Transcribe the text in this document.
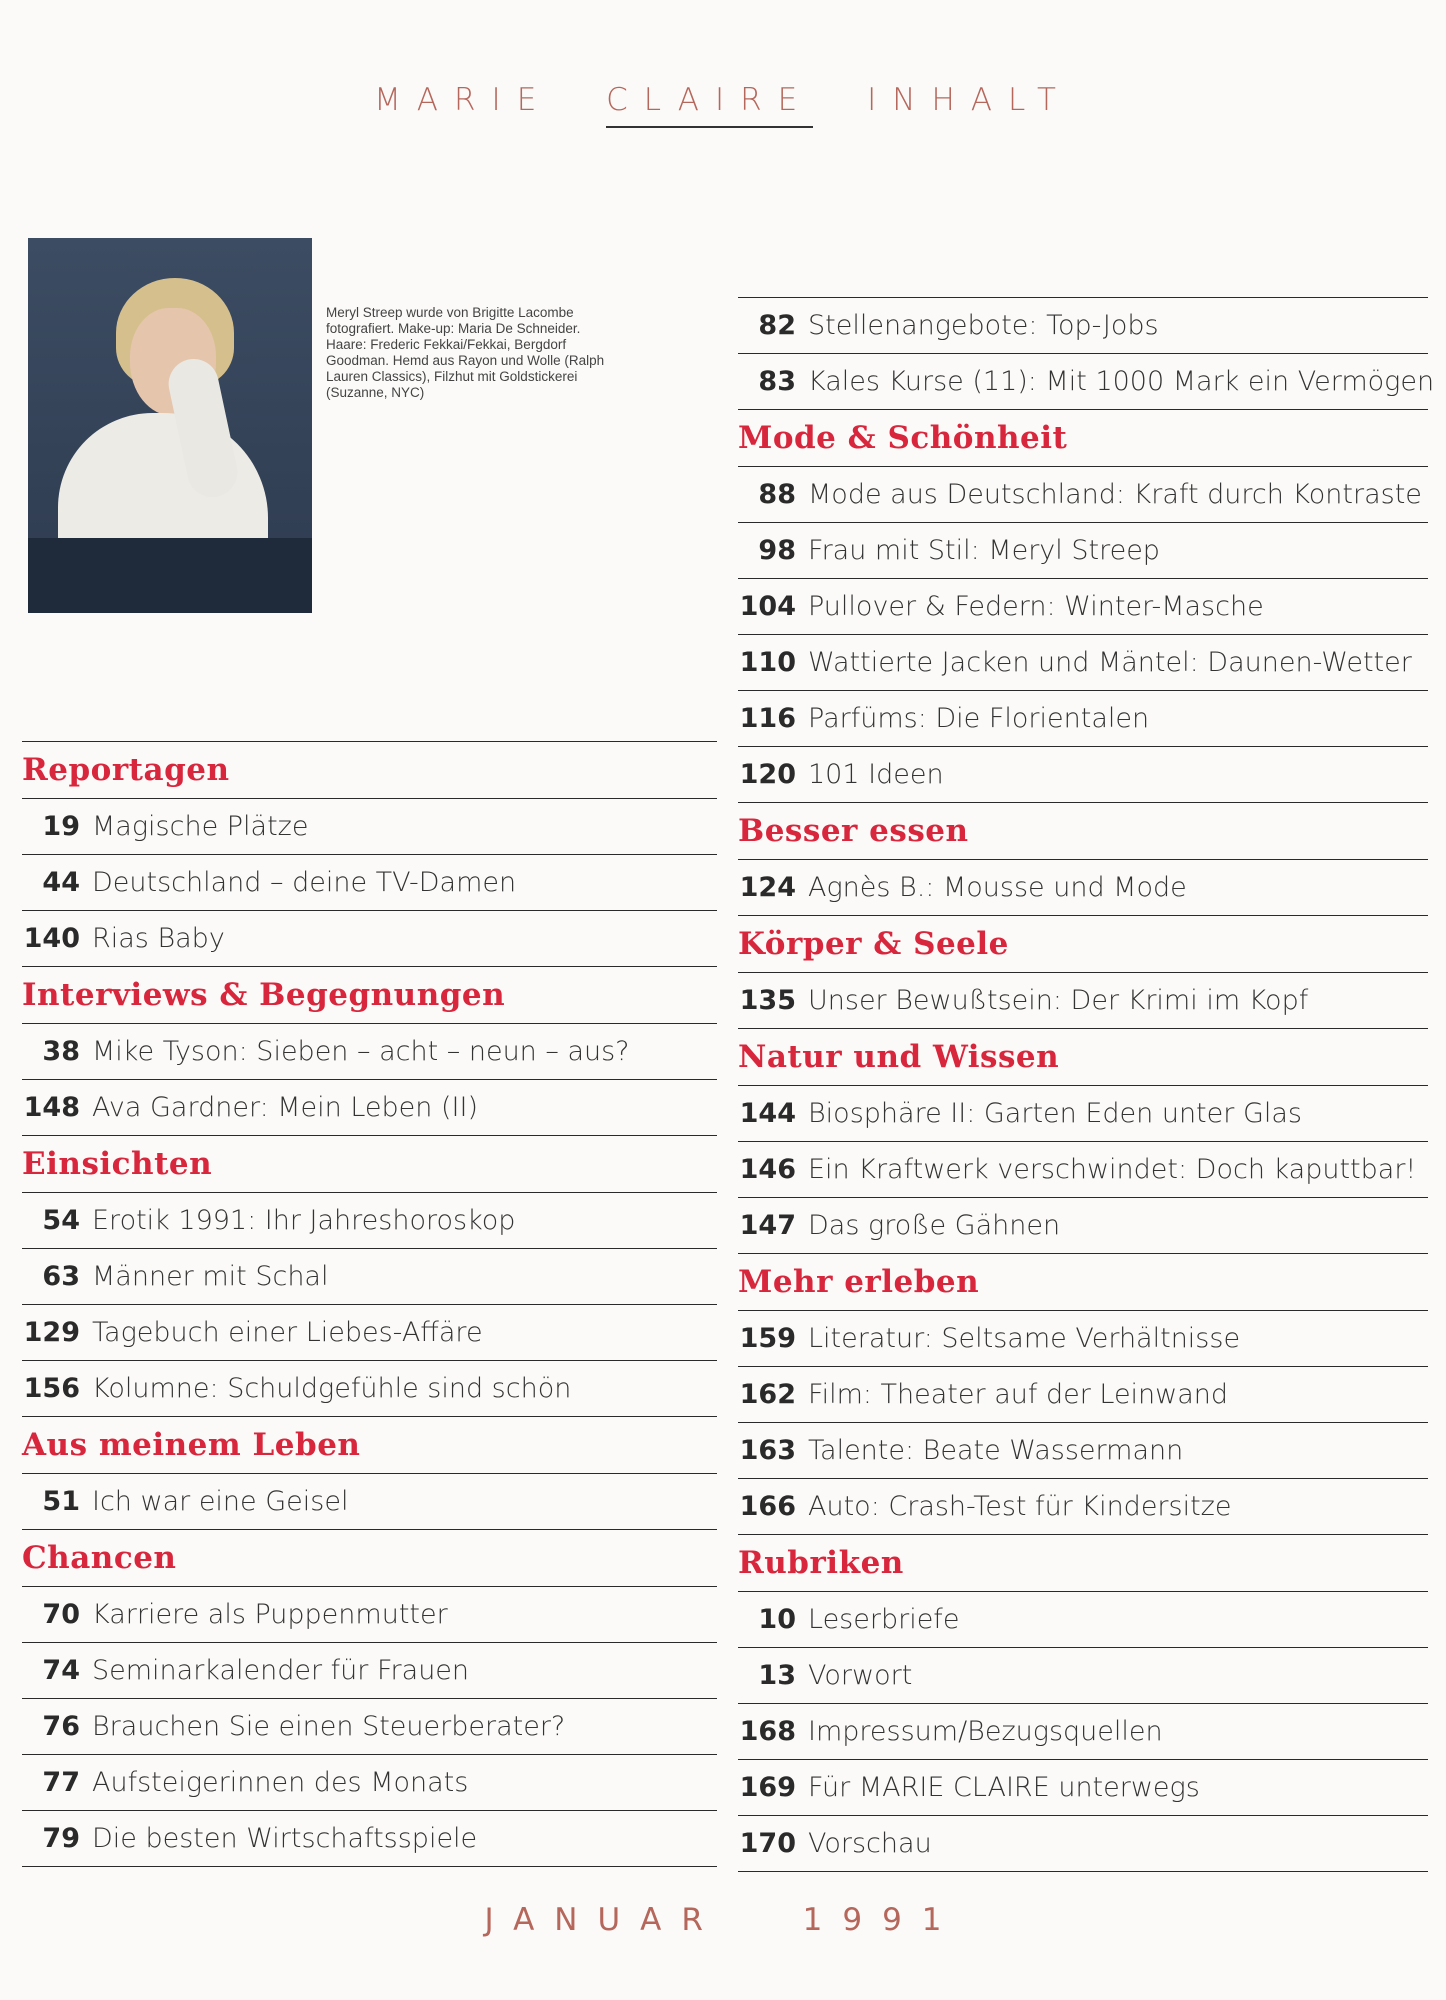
MARIE CLAIRE INHALT
Meryl Streep wurde von Brigitte Lacombe fotografiert. Make-up: Maria De Schneider. Haare: Frederic Fekkai/Fekkai, Bergdorf Goodman. Hemd aus Rayon und Wolle (Ralph Lauren Classics), Filzhut mit Goldstickerei (Suzanne, NYC)
Reportagen
19 Magische Plätze
44 Deutschland – deine TV-Damen
140 Rias Baby
Interviews & Begegnungen
38 Mike Tyson: Sieben – acht – neun – aus?
148 Ava Gardner: Mein Leben (II)
Einsichten
54 Erotik 1991: Ihr Jahreshoroskop
63 Männer mit Schal
129 Tagebuch einer Liebes-Affäre
156 Kolumne: Schuldgefühle sind schön
Aus meinem Leben
51 Ich war eine Geisel
Chancen
70 Karriere als Puppenmutter
74 Seminarkalender für Frauen
76 Brauchen Sie einen Steuerberater?
77 Aufsteigerinnen des Monats
79 Die besten Wirtschaftsspiele
82 Stellenangebote: Top-Jobs
83 Kales Kurse (11): Mit 1000 Mark ein Vermögen
Mode & Schönheit
88 Mode aus Deutschland: Kraft durch Kontraste
98 Frau mit Stil: Meryl Streep
104 Pullover & Federn: Winter-Masche
110 Wattierte Jacken und Mäntel: Daunen-Wetter
116 Parfüms: Die Florientalen
120 101 Ideen
Besser essen
124 Agnès B.: Mousse und Mode
Körper & Seele
135 Unser Bewußtsein: Der Krimi im Kopf
Natur und Wissen
144 Biosphäre II: Garten Eden unter Glas
146 Ein Kraftwerk verschwindet: Doch kaputtbar!
147 Das große Gähnen
Mehr erleben
159 Literatur: Seltsame Verhältnisse
162 Film: Theater auf der Leinwand
163 Talente: Beate Wassermann
166 Auto: Crash-Test für Kindersitze
Rubriken
10 Leserbriefe
13 Vorwort
168 Impressum/Bezugsquellen
169 Für MARIE CLAIRE unterwegs
170 Vorschau
JANUAR	1991
